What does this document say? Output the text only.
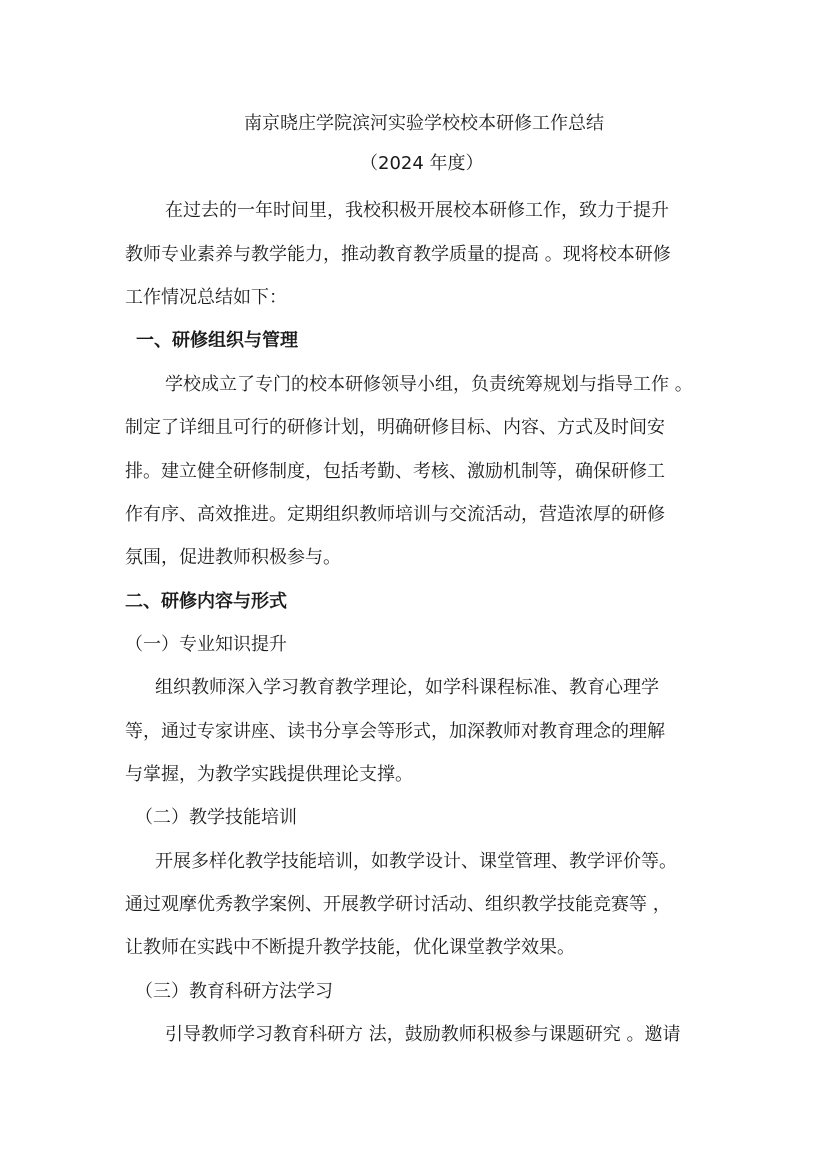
南京晓庄学院滨河实验学校校本研修工作总结
（2024 年度）
在过去的一年时间里，我校积极开展校本研修工作，致力于提升
教师专业素养与教学能力，推动教育教学质量的提高 。现将校本研修
工作情况总结如下：
一、研修组织与管理
学校成立了专门的校本研修领导小组，负责统筹规划与指导工作 。
制定了详细且可行的研修计划，明确研修目标、内容、方式及时间安
排。建立健全研修制度，包括考勤、考核、激励机制等，确保研修工
作有序、高效推进。定期组织教师培训与交流活动，营造浓厚的研修
氛围，促进教师积极参与。
二、研修内容与形式
（一）专业知识提升
组织教师深入学习教育教学理论，如学科课程标准、教育心理学
等，通过专家讲座、读书分享会等形式，加深教师对教育理念的理解
与掌握，为教学实践提供理论支撑。
（二）教学技能培训
开展多样化教学技能培训，如教学设计、课堂管理、教学评价等。
通过观摩优秀教学案例、开展教学研讨活动、组织教学技能竞赛等 ，
让教师在实践中不断提升教学技能，优化课堂教学效果。
（三）教育科研方法学习
引导教师学习教育科研方 法，鼓励教师积极参与课题研究 。邀请
